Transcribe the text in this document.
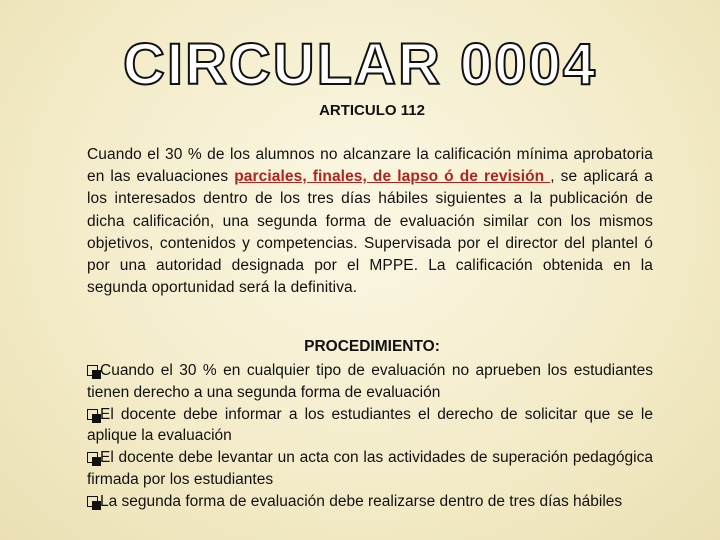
CIRCULAR 0004
ARTICULO 112
Cuando el 30 % de los alumnos no alcanzare la calificación mínima aprobatoria en las evaluaciones parciales, finales, de lapso ó de revisión , se aplicará a los interesados dentro de los tres días hábiles siguientes a la publicación de dicha calificación, una segunda forma de evaluación similar con los mismos objetivos, contenidos y competencias. Supervisada por el director del plantel ó por una autoridad designada por el MPPE. La calificación obtenida en la segunda oportunidad será la definitiva.
PROCEDIMIENTO:

Cuando el 30 % en cualquier tipo de evaluación no aprueben los estudiantes tienen derecho a una segunda forma de evaluación

El docente debe informar a los estudiantes el derecho de solicitar que se le aplique la evaluación

El docente debe levantar un acta con las actividades de superación pedagógica firmada por los estudiantes

La segunda forma de evaluación debe realizarse dentro de tres días hábiles
